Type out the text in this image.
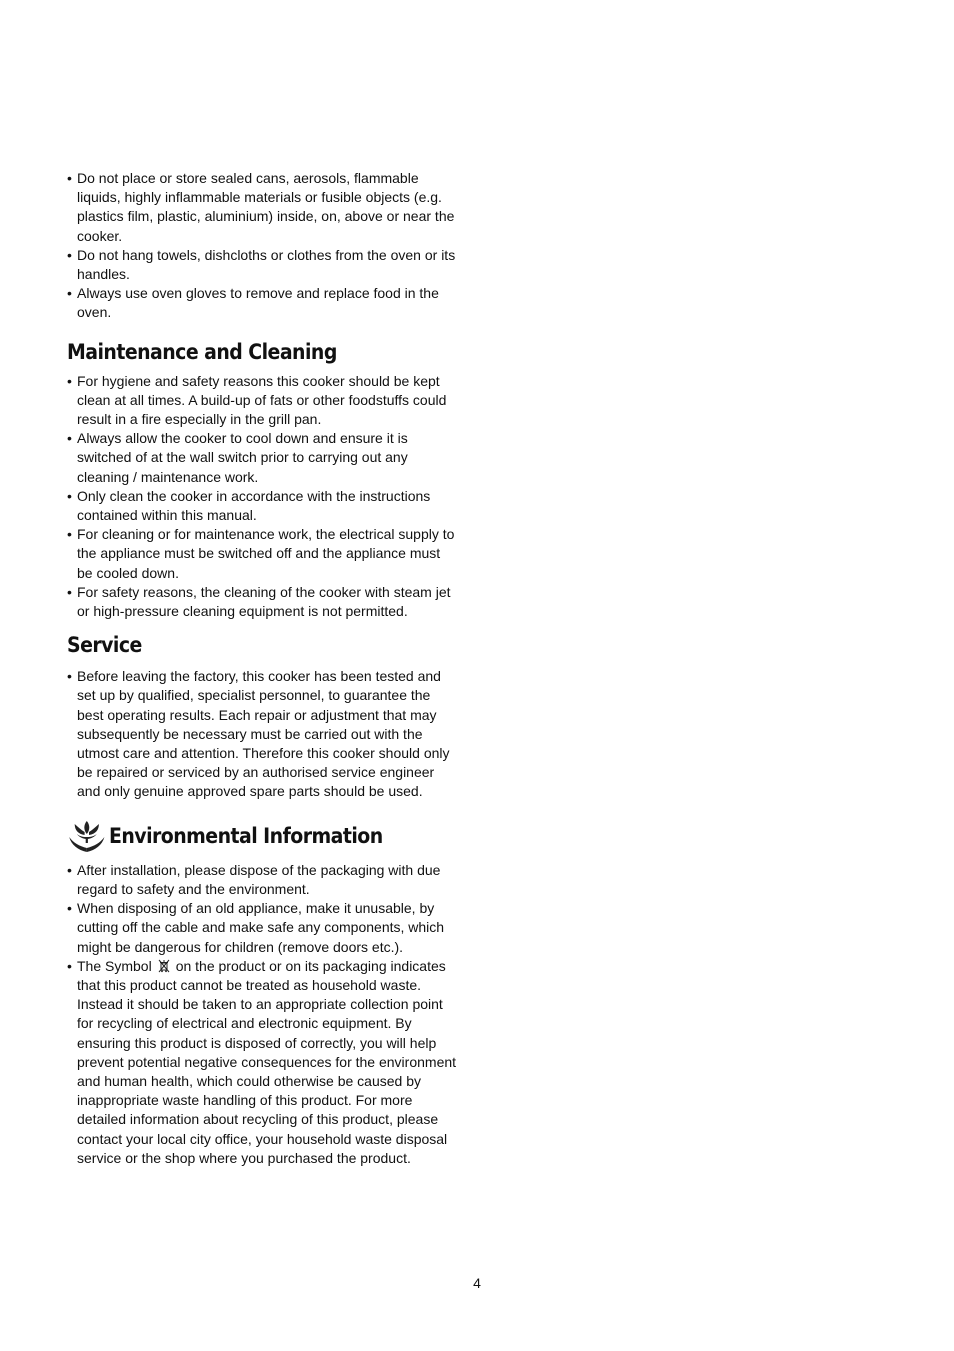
• Do not place or store sealed cans, aerosols, flammable liquids, highly inflammable materials or fusible objects (e.g. plastics film, plastic, aluminium) inside, on, above or near the cooker.
• Do not hang towels, dishcloths or clothes from the oven or its handles.
• Always use oven gloves to remove and replace food in the oven.
Maintenance and Cleaning
• For hygiene and safety reasons this cooker should be kept clean at all times. A build-up of fats or other foodstuffs could result in a fire especially in the grill pan.
• Always allow the cooker to cool down and ensure it is switched of at the wall switch prior to carrying out any cleaning / maintenance work.
• Only clean the cooker in accordance with the instructions contained within this manual.
• For cleaning or for maintenance work, the electrical supply to the appliance must be switched off and the appliance must be cooled down.
• For safety reasons, the cleaning of the cooker with steam jet or high-pressure cleaning equipment is not permitted.
Service
• Before leaving the factory, this cooker has been tested and set up by qualified, specialist personnel, to guarantee the best operating results. Each repair or adjustment that may subsequently be necessary must be carried out with the utmost care and attention. Therefore this cooker should only be repaired or serviced by an authorised service engineer and only genuine approved spare parts should be used.
Environmental Information
• After installation, please dispose of the packaging with due regard to safety and the environment.
• When disposing of an old appliance, make it unusable, by cutting off the cable and make safe any components, which might be dangerous for children (remove doors etc.).
• The Symbol on the product or on its packaging indicates that this product cannot be treated as household waste. Instead it should be taken to an appropriate collection point for recycling of electrical and electronic equipment. By ensuring this product is disposed of correctly, you will help prevent potential negative consequences for the environment and human health, which could otherwise be caused by inappropriate waste handling of this product. For more detailed information about recycling of this product, please contact your local city office, your household waste disposal service or the shop where you purchased the product.
4
